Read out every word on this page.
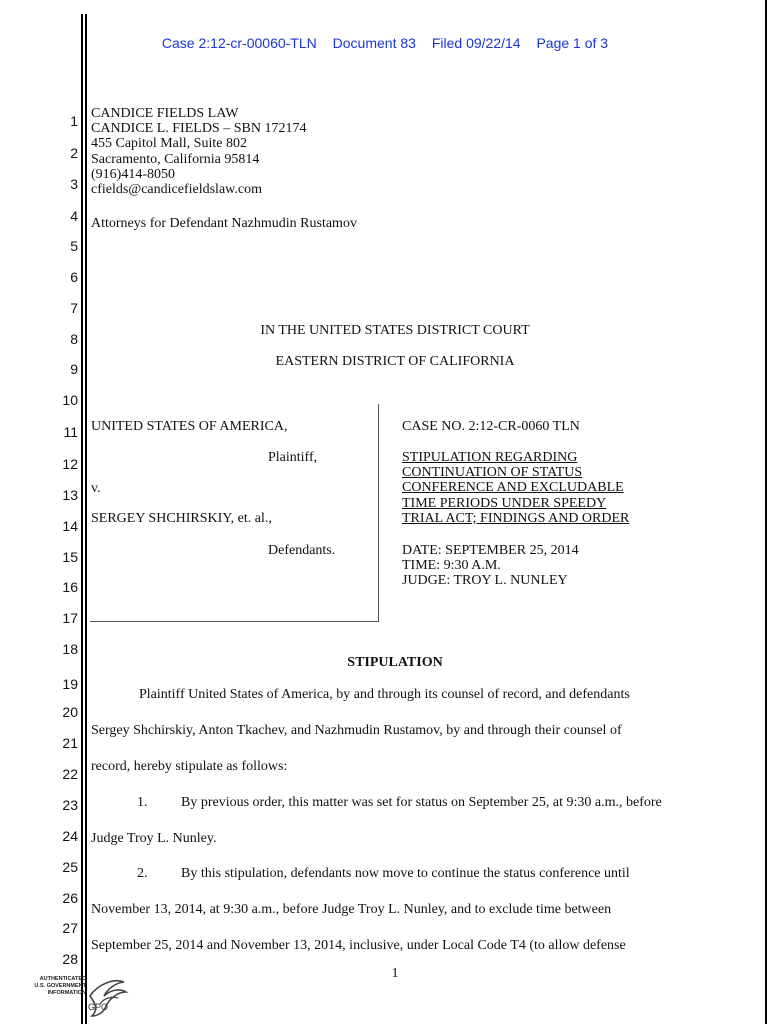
Case 2:12-cr-00060-TLN Document 83 Filed 09/22/14 Page 1 of 3
1
2
3
4
5
6
7
8
9
10
11
12
13
14
15
16
17
18
19
20
21
22
23
24
25
26
27
28
CANDICE FIELDS LAW
CANDICE L. FIELDS – SBN 172174
455 Capitol Mall, Suite 802
Sacramento, California 95814
(916)414-8050
cfields@candicefieldslaw.com
Attorneys for Defendant Nazhmudin Rustamov
IN THE UNITED STATES DISTRICT COURT
EASTERN DISTRICT OF CALIFORNIA
UNITED STATES OF AMERICA,
Plaintiff,
v.
SERGEY SHCHIRSKIY, et. al.,
Defendants.
CASE NO. 2:12-CR-0060 TLN
STIPULATION REGARDING
CONTINUATION OF STATUS
CONFERENCE AND EXCLUDABLE
TIME PERIODS UNDER SPEEDY
TRIAL ACT; FINDINGS AND ORDER
DATE: SEPTEMBER 25, 2014
TIME: 9:30 A.M.
JUDGE: TROY L. NUNLEY
STIPULATION
Plaintiff United States of America, by and through its counsel of record, and defendants
Sergey Shchirskiy, Anton Tkachev, and Nazhmudin Rustamov, by and through their counsel of
record, hereby stipulate as follows:
1. By previous order, this matter was set for status on September 25, at 9:30 a.m., before
Judge Troy L. Nunley.
2. By this stipulation, defendants now move to continue the status conference until
November 13, 2014, at 9:30 a.m., before Judge Troy L. Nunley, and to exclude time between
September 25, 2014 and November 13, 2014, inclusive, under Local Code T4 (to allow defense
1
AUTHENTICATED
U.S. GOVERNMENT
INFORMATION
GPO
